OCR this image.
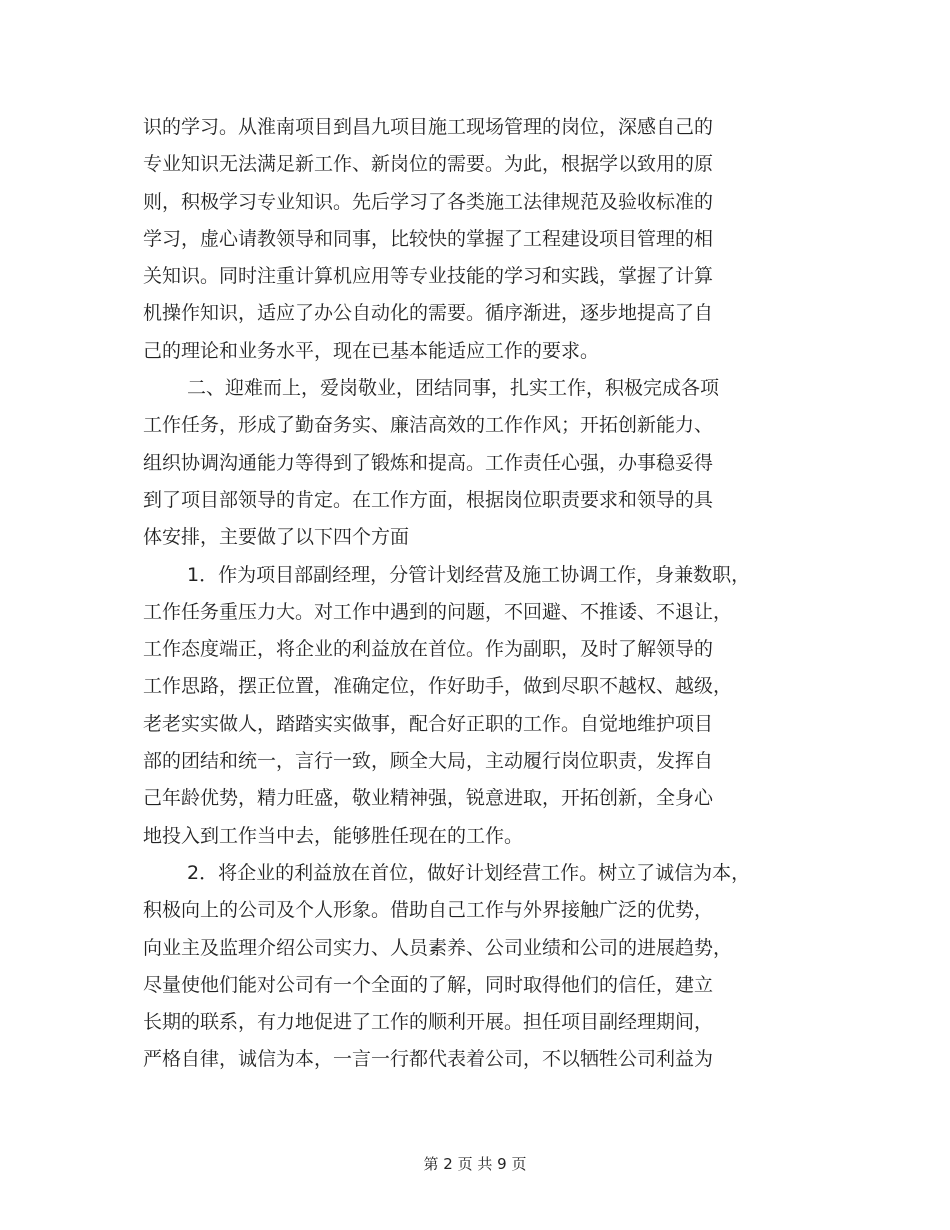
识的学习。从淮南项目到昌九项目施工现场管理的岗位，深感自己的
专业知识无法满足新工作、新岗位的需要。为此，根据学以致用的原
则，积极学习专业知识。先后学习了各类施工法律规范及验收标准的
学习，虚心请教领导和同事，比较快的掌握了工程建设项目管理的相
关知识。同时注重计算机应用等专业技能的学习和实践，掌握了计算
机操作知识，适应了办公自动化的需要。循序渐进，逐步地提高了自
己的理论和业务水平，现在已基本能适应工作的要求。
二、迎难而上，爱岗敬业，团结同事，扎实工作，积极完成各项
工作任务，形成了勤奋务实、廉洁高效的工作作风；开拓创新能力、
组织协调沟通能力等得到了锻炼和提高。工作责任心强，办事稳妥得
到了项目部领导的肯定。在工作方面，根据岗位职责要求和领导的具
体安排，主要做了以下四个方面
1．作为项目部副经理，分管计划经营及施工协调工作，身兼数职，
工作任务重压力大。对工作中遇到的问题，不回避、不推诿、不退让，
工作态度端正，将企业的利益放在首位。作为副职，及时了解领导的
工作思路，摆正位置，准确定位，作好助手，做到尽职不越权、越级，
老老实实做人，踏踏实实做事，配合好正职的工作。自觉地维护项目
部的团结和统一，言行一致，顾全大局，主动履行岗位职责，发挥自
己年龄优势，精力旺盛，敬业精神强，锐意进取，开拓创新，全身心
地投入到工作当中去，能够胜任现在的工作。
2．将企业的利益放在首位，做好计划经营工作。树立了诚信为本，
积极向上的公司及个人形象。借助自己工作与外界接触广泛的优势，
向业主及监理介绍公司实力、人员素养、公司业绩和公司的进展趋势，
尽量使他们能对公司有一个全面的了解，同时取得他们的信任，建立
长期的联系，有力地促进了工作的顺利开展。担任项目副经理期间，
严格自律，诚信为本，一言一行都代表着公司，不以牺牲公司利益为
第 2 页 共 9 页
